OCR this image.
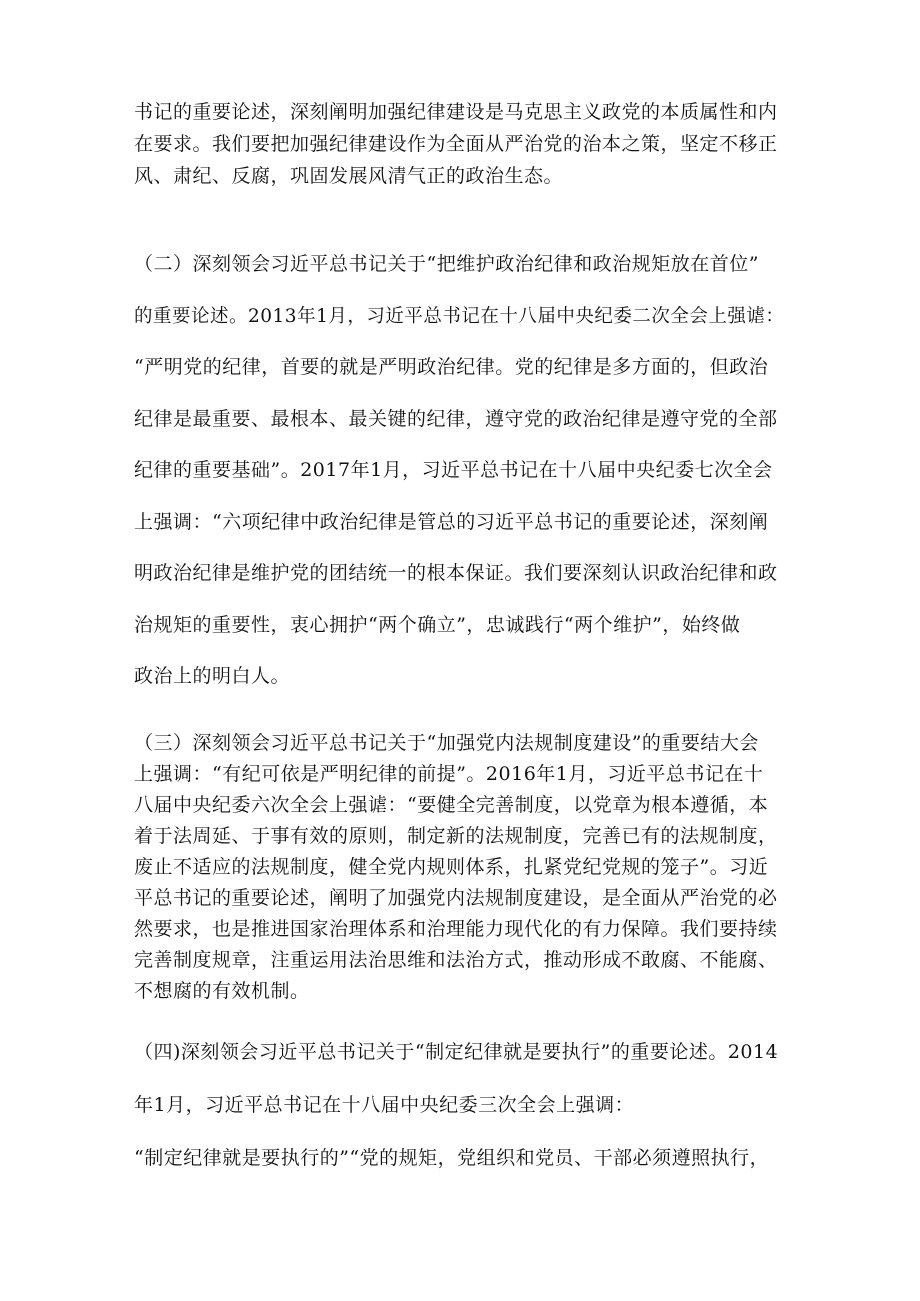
书记的重要论述，深刻阐明加强纪律建设是马克思主义政党的本质属性和内
在要求。我们要把加强纪律建设作为全面从严治党的治本之策，坚定不移正
风、肃纪、反腐，巩固发展风清气正的政治生态。
（二）深刻领会习近平总书记关于“把维护政治纪律和政治规矩放在首位”
的重要论述。2013年1月，习近平总书记在十八届中央纪委二次全会上强谑：
“严明党的纪律，首要的就是严明政治纪律。党的纪律是多方面的，但政治
纪律是最重要、最根本、最关键的纪律，遵守党的政治纪律是遵守党的全部
纪律的重要基础”。2017年1月，习近平总书记在十八届中央纪委七次全会
上强调：“六项纪律中政治纪律是管总的习近平总书记的重要论述，深刻阐
明政治纪律是维护党的团结统一的根本保证。我们要深刻认识政治纪律和政
治规矩的重要性，衷心拥护“两个确立”，忠诚践行“两个维护”，始终做
政治上的明白人。
（三）深刻领会习近平总书记关于“加强党内法规制度建设”的重要结大会
上强调：“有纪可依是严明纪律的前提”。2016年1月，习近平总书记在十
八届中央纪委六次全会上强谑：“要健全完善制度，以党章为根本遵循，本
着于法周延、于事有效的原则，制定新的法规制度，完善已有的法规制度，
废止不适应的法规制度，健全党内规则体系，扎紧党纪党规的笼子”。习近
平总书记的重要论述，阐明了加强党内法规制度建设，是全面从严治党的必
然要求，也是推进国家治理体系和治理能力现代化的有力保障。我们要持续
完善制度规章，注重运用法治思维和法治方式，推动形成不敢腐、不能腐、
不想腐的有效机制。
（四)深刻领会习近平总书记关于“制定纪律就是要执行”的重要论述。2014
年1月，习近平总书记在十八届中央纪委三次全会上强调：
“制定纪律就是要执行的”“党的规矩，党组织和党员、干部必须遵照执行，
